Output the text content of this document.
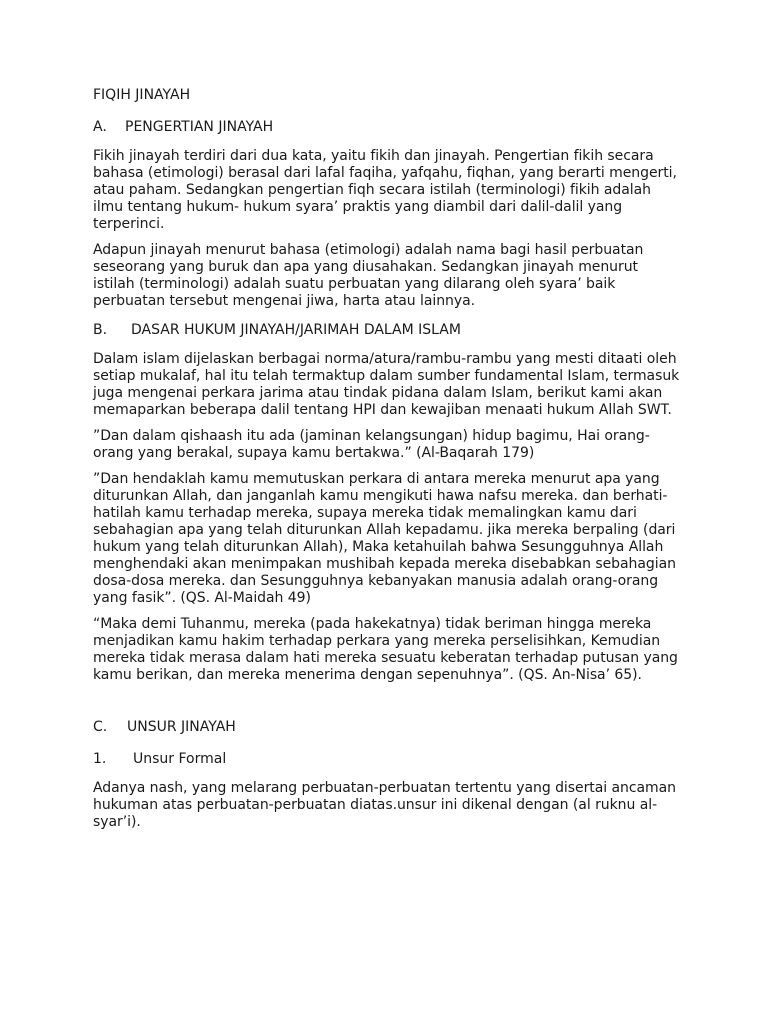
FIQIH JINAYAH
A. PENGERTIAN JINAYAH

Fikih jinayah terdiri dari dua kata, yaitu fikih dan jinayah. Pengertian fikih secara bahasa (etimologi) berasal dari lafal faqiha, yafqahu, fiqhan, yang berarti mengerti, atau paham. Sedangkan pengertian fiqh secara istilah (terminologi) fikih adalah ilmu tentang hukum- hukum syara’ praktis yang diambil dari dalil-dalil yang terperinci.

Adapun jinayah menurut bahasa (etimologi) adalah nama bagi hasil perbuatan seseorang yang buruk dan apa yang diusahakan. Sedangkan jinayah menurut istilah (terminologi) adalah suatu perbuatan yang dilarang oleh syara’ baik perbuatan tersebut mengenai jiwa, harta atau lainnya.

B. DASAR HUKUM JINAYAH/JARIMAH DALAM ISLAM

Dalam islam dijelaskan berbagai norma/atura/rambu-rambu yang mesti ditaati oleh setiap mukalaf, hal itu telah termaktup dalam sumber fundamental Islam, termasuk juga mengenai perkara jarima atau tindak pidana dalam Islam, berikut kami akan memaparkan beberapa dalil tentang HPI dan kewajiban menaati hukum Allah SWT.

”Dan dalam qishaash itu ada (jaminan kelangsungan) hidup bagimu, Hai orang-orang yang berakal, supaya kamu bertakwa.” (Al-Baqarah 179)

”Dan hendaklah kamu memutuskan perkara di antara mereka menurut apa yang diturunkan Allah, dan janganlah kamu mengikuti hawa nafsu mereka. dan berhati-hatilah kamu terhadap mereka, supaya mereka tidak memalingkan kamu dari sebahagian apa yang telah diturunkan Allah kepadamu. jika mereka berpaling (dari hukum yang telah diturunkan Allah), Maka ketahuilah bahwa Sesungguhnya Allah menghendaki akan menimpakan mushibah kepada mereka disebabkan sebahagian dosa-dosa mereka. dan Sesungguhnya kebanyakan manusia adalah orang-orang yang fasik”. (QS. Al-Maidah 49)

“Maka demi Tuhanmu, mereka (pada hakekatnya) tidak beriman hingga mereka menjadikan kamu hakim terhadap perkara yang mereka perselisihkan, Kemudian mereka tidak merasa dalam hati mereka sesuatu keberatan terhadap putusan yang kamu berikan, dan mereka menerima dengan sepenuhnya”. (QS. An-Nisa’ 65).

C. UNSUR JINAYAH
1. Unsur Formal

Adanya nash, yang melarang perbuatan-perbuatan tertentu yang disertai ancaman hukuman atas perbuatan-perbuatan diatas.unsur ini dikenal dengan (al ruknu al-syar’i).
